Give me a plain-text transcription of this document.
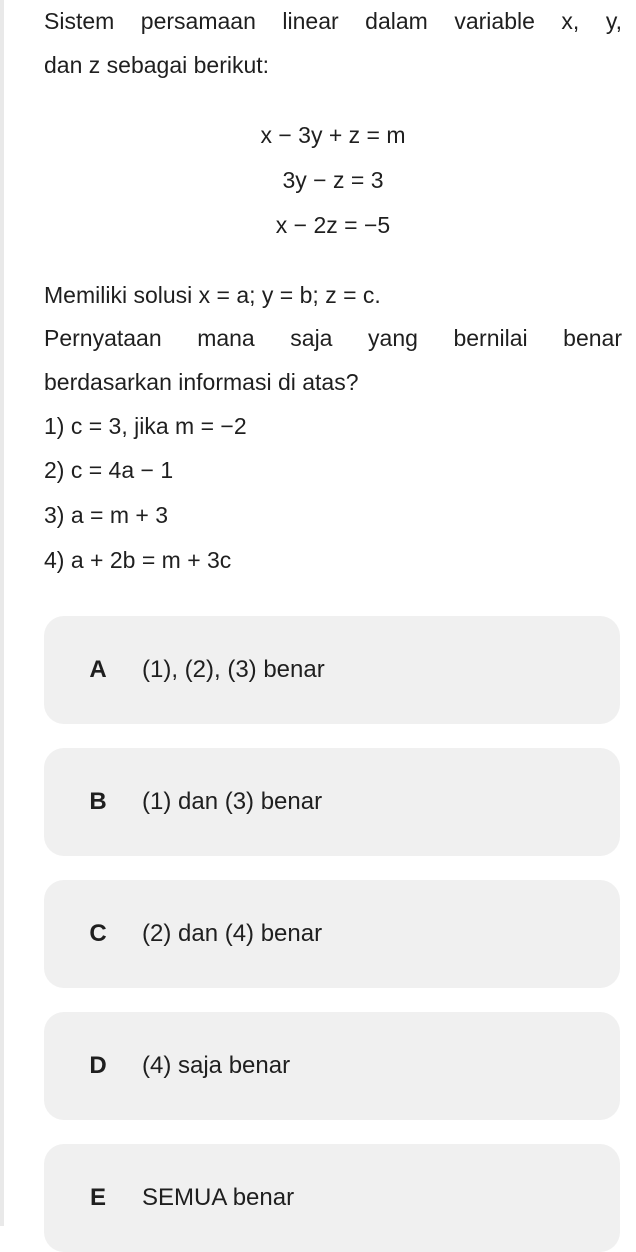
Sistem persamaan linear dalam variable x, y,
dan z sebagai berikut:
x − 3y + z = m
3y − z = 3
x − 2z = −5
Memiliki solusi x = a; y = b; z = c.
Pernyataan mana saja yang bernilai benar
berdasarkan informasi di atas?
1) c = 3, jika m = −2
2) c = 4a − 1
3) a = m + 3
4) a + 2b = m + 3c
A (1), (2), (3) benar
B (1) dan (3) benar
C (2) dan (4) benar
D (4) saja benar
E SEMUA benar
